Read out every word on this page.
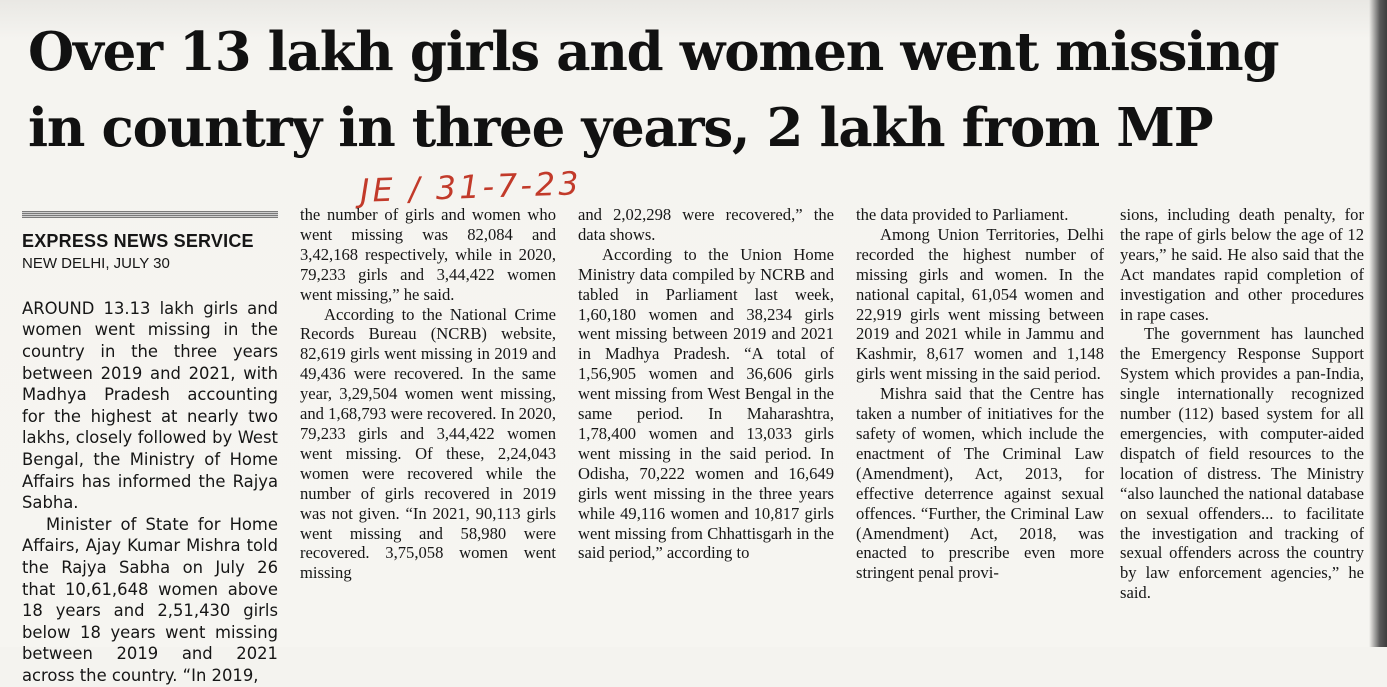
Over 13 lakh girls and women went missing
in country in three years, 2 lakh from MP
JE / 31-7-23
EXPRESS NEWS SERVICE
NEW DELHI, JULY 30

AROUND 13.13 lakh girls and women went missing in the country in the three years between 2019 and 2021, with Madhya Pradesh accounting for the highest at nearly two lakhs, closely followed by West Bengal, the Ministry of Home Affairs has informed the Rajya Sabha.

Minister of State for Home Affairs, Ajay Kumar Mishra told the Rajya Sabha on July 26 that 10,61,648 women above 18 years and 2,51,430 girls below 18 years went missing between 2019 and 2021 across the country. “In 2019,

the number of girls and women who went missing was 82,084 and 3,42,168 respectively, while in 2020, 79,233 girls and 3,44,422 women went missing,” he said.

According to the National Crime Records Bureau (NCRB) website, 82,619 girls went missing in 2019 and 49,436 were recovered. In the same year, 3,29,504 women went missing, and 1,68,793 were recovered. In 2020, 79,233 girls and 3,44,422 women went missing. Of these, 2,24,043 women were recovered while the number of girls recovered in 2019 was not given. “In 2021, 90,113 girls went missing and 58,980 were recovered. 3,75,058 women went missing

and 2,02,298 were recovered,” the data shows.

According to the Union Home Ministry data compiled by NCRB and tabled in Parliament last week, 1,60,180 women and 38,234 girls went missing between 2019 and 2021 in Madhya Pradesh. “A total of 1,56,905 women and 36,606 girls went missing from West Bengal in the same period. In Maharashtra, 1,78,400 women and 13,033 girls went missing in the said period. In Odisha, 70,222 women and 16,649 girls went missing in the three years while 49,116 women and 10,817 girls went missing from Chhattisgarh in the said period,” according to

the data provided to Parliament.

Among Union Territories, Delhi recorded the highest number of missing girls and women. In the national capital, 61,054 women and 22,919 girls went missing between 2019 and 2021 while in Jammu and Kashmir, 8,617 women and 1,148 girls went missing in the said period.

Mishra said that the Centre has taken a number of initiatives for the safety of women, which include the enactment of The Criminal Law (Amendment), Act, 2013, for effective deterrence against sexual offences. “Further, the Criminal Law (Amendment) Act, 2018, was enacted to prescribe even more stringent penal provi-

sions, including death penalty, for the rape of girls below the age of 12 years,” he said. He also said that the Act mandates rapid completion of investigation and other procedures in rape cases.

The government has launched the Emergency Response Support System which provides a pan-India, single internationally recognized number (112) based system for all emergencies, with computer-aided dispatch of field resources to the location of distress. The Ministry “also launched the national database on sexual offenders... to facilitate the investigation and tracking of sexual offenders across the country by law enforcement agencies,” he said.
